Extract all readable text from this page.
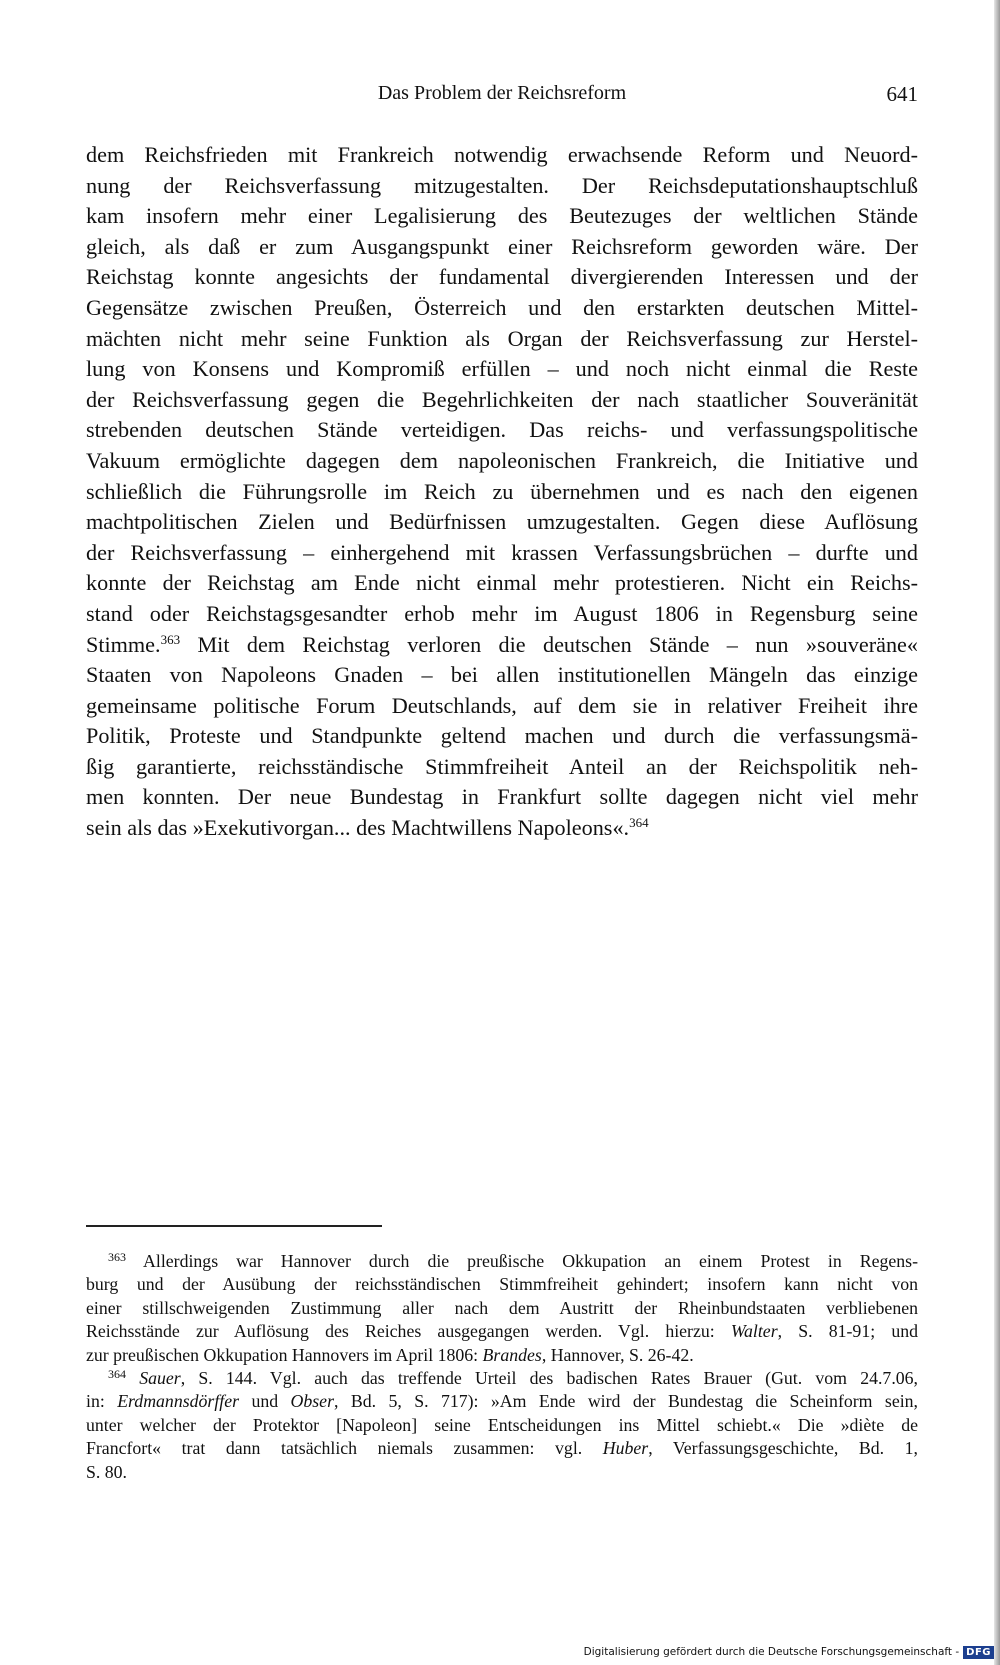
Das Problem der Reichsreform	641
dem Reichsfrieden mit Frankreich notwendig erwachsende Reform und Neuord-
nung der Reichsverfassung mitzugestalten. Der Reichsdeputationshauptschluß
kam insofern mehr einer Legalisierung des Beutezuges der weltlichen Stände
gleich, als daß er zum Ausgangspunkt einer Reichsreform geworden wäre. Der
Reichstag konnte angesichts der fundamental divergierenden Interessen und der
Gegensätze zwischen Preußen, Österreich und den erstarkten deutschen Mittel-
mächten nicht mehr seine Funktion als Organ der Reichsverfassung zur Herstel-
lung von Konsens und Kompromiß erfüllen – und noch nicht einmal die Reste
der Reichsverfassung gegen die Begehrlichkeiten der nach staatlicher Souveränität
strebenden deutschen Stände verteidigen. Das reichs- und verfassungspolitische
Vakuum ermöglichte dagegen dem napoleonischen Frankreich, die Initiative und
schließlich die Führungsrolle im Reich zu übernehmen und es nach den eigenen
machtpolitischen Zielen und Bedürfnissen umzugestalten. Gegen diese Auflösung
der Reichsverfassung – einhergehend mit krassen Verfassungsbrüchen – durfte und
konnte der Reichstag am Ende nicht einmal mehr protestieren. Nicht ein Reichs-
stand oder Reichstagsgesandter erhob mehr im August 1806 in Regensburg seine
Stimme.$^{363}$ Mit dem Reichstag verloren die deutschen Stände – nun »souveräne«
Staaten von Napoleons Gnaden – bei allen institutionellen Mängeln das einzige
gemeinsame politische Forum Deutschlands, auf dem sie in relativer Freiheit ihre
Politik, Proteste und Standpunkte geltend machen und durch die verfassungsmä-
ßig garantierte, reichsständische Stimmfreiheit Anteil an der Reichspolitik neh-
men konnten. Der neue Bundestag in Frankfurt sollte dagegen nicht viel mehr
sein als das »Exekutivorgan... des Machtwillens Napoleons«.$^{364}$
$^{363}$ Allerdings war Hannover durch die preußische Okkupation an einem Protest in Regens-
burg und der Ausübung der reichsständischen Stimmfreiheit gehindert; insofern kann nicht von
einer stillschweigenden Zustimmung aller nach dem Austritt der Rheinbundstaaten verbliebenen
Reichsstände zur Auflösung des Reiches ausgegangen werden. Vgl. hierzu: Walter, S. 81-91; und
zur preußischen Okkupation Hannovers im April 1806: Brandes, Hannover, S. 26-42.
$^{364}$ Sauer, S. 144. Vgl. auch das treffende Urteil des badischen Rates Brauer (Gut. vom 24.7.06,
in: Erdmannsdörffer und Obser, Bd. 5, S. 717): »Am Ende wird der Bundestag die Scheinform sein,
unter welcher der Protektor [Napoleon] seine Entscheidungen ins Mittel schiebt.« Die »diète de
Francfort« trat dann tatsächlich niemals zusammen: vgl. Huber, Verfassungsgeschichte, Bd. 1,
S. 80.
Digitalisierung gefördert durch die Deutsche Forschungsgemeinschaft - DFG
